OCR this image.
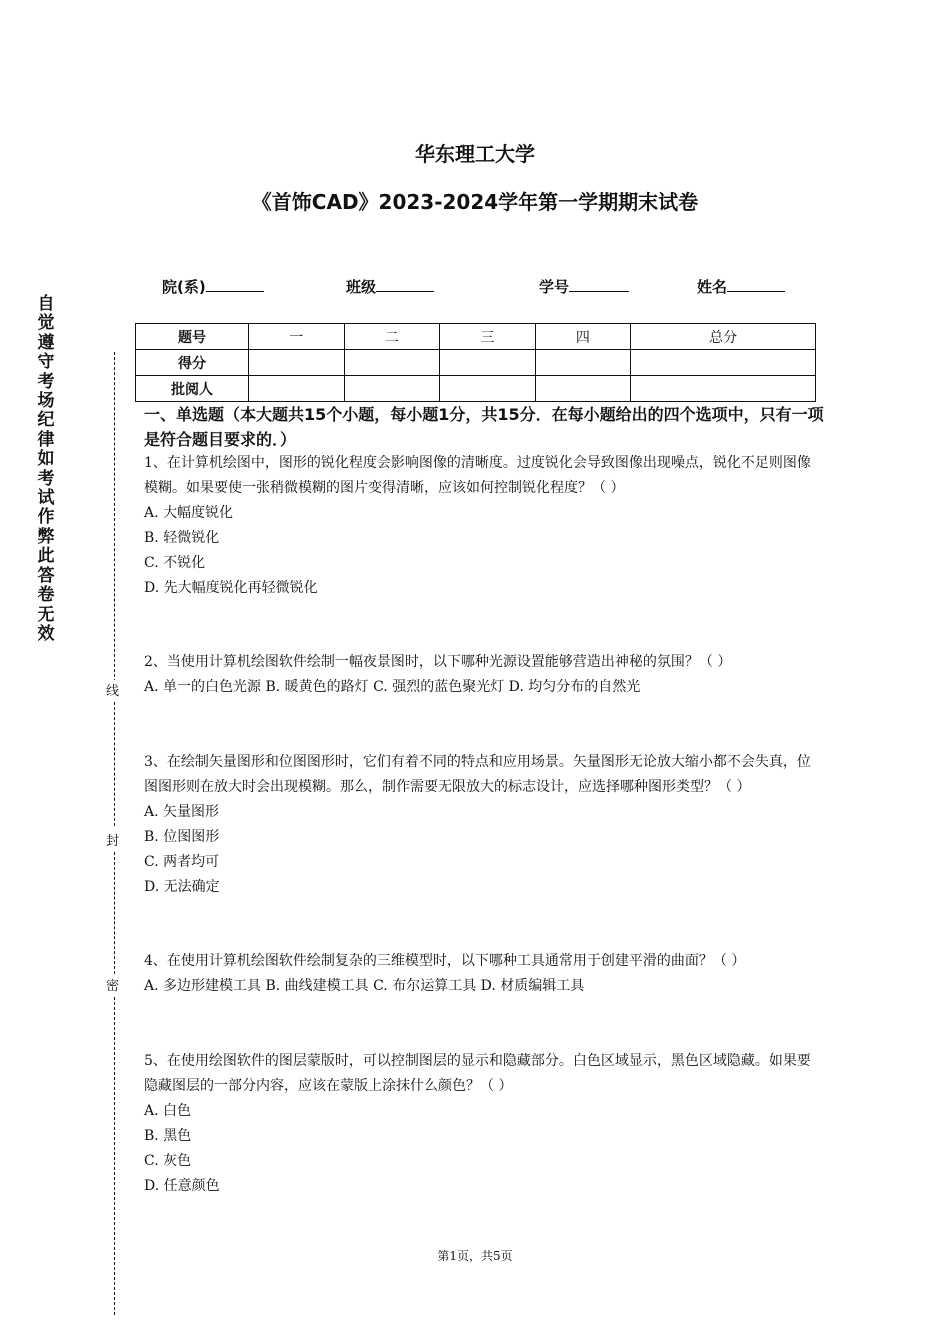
自觉遵守考场纪律如考试作弊此答卷无效
线
封
密
华东理工大学
《首饰CAD》2023-2024学年第一学期期末试卷
院(系)	班级	学号	姓名
题号	一	二	三	四	总分
得分					
批阅人					
一、单选题（本大题共15个小题，每小题1分，共15分．在每小题给出的四个选项中，只有一项是符合题目要求的．）
1、在计算机绘图中，图形的锐化程度会影响图像的清晰度。过度锐化会导致图像出现噪点，锐化不足则图像模糊。如果要使一张稍微模糊的图片变得清晰，应该如何控制锐化程度？（ ）
A. 大幅度锐化
B. 轻微锐化
C. 不锐化
D. 先大幅度锐化再轻微锐化
2、当使用计算机绘图软件绘制一幅夜景图时，以下哪种光源设置能够营造出神秘的氛围？（ ）
A. 单一的白色光源 B. 暖黄色的路灯 C. 强烈的蓝色聚光灯 D. 均匀分布的自然光
3、在绘制矢量图形和位图图形时，它们有着不同的特点和应用场景。矢量图形无论放大缩小都不会失真，位图图形则在放大时会出现模糊。那么，制作需要无限放大的标志设计，应选择哪种图形类型？（ ）
A. 矢量图形
B. 位图图形
C. 两者均可
D. 无法确定
4、在使用计算机绘图软件绘制复杂的三维模型时，以下哪种工具通常用于创建平滑的曲面？（ ）
A. 多边形建模工具 B. 曲线建模工具 C. 布尔运算工具 D. 材质编辑工具
5、在使用绘图软件的图层蒙版时，可以控制图层的显示和隐藏部分。白色区域显示，黑色区域隐藏。如果要隐藏图层的一部分内容，应该在蒙版上涂抹什么颜色？（ ）
A. 白色
B. 黑色
C. 灰色
D. 任意颜色
第1页，共5页
